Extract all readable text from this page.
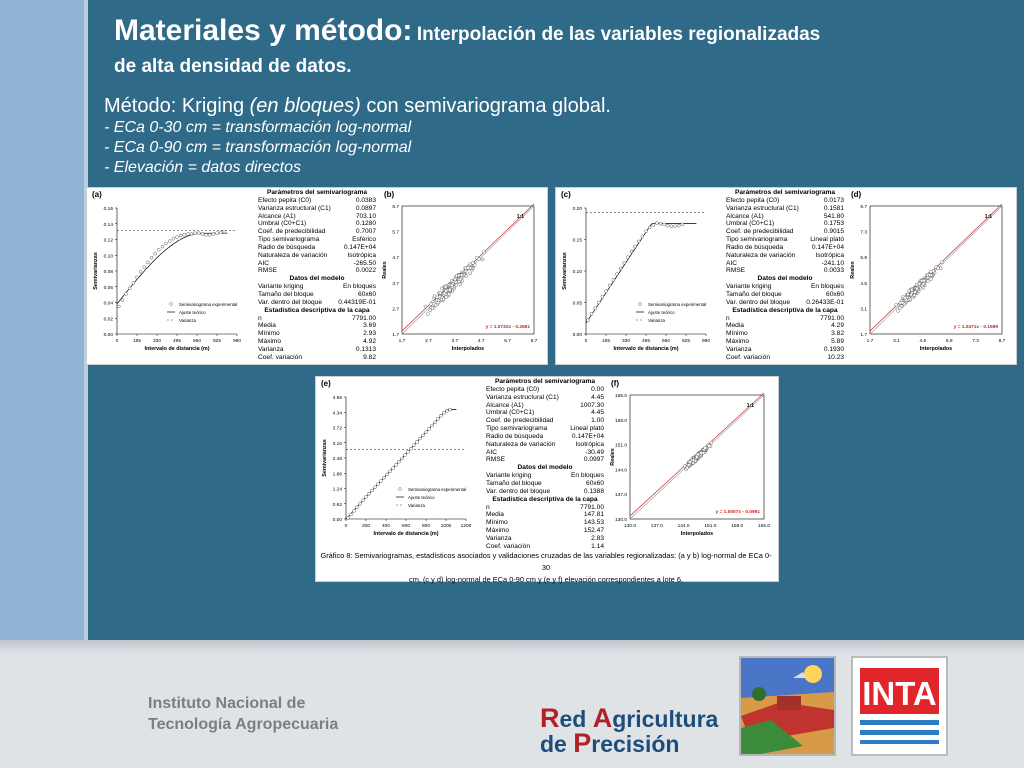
Materiales y método: Interpolación de las variables regionalizadas
de alta densidad de datos.
Método: Kriging (en bloques) con semivariograma global.
- ECa 0-30 cm = transformación log-normal
- ECa 0-90 cm = transformación log-normal
- Elevación = datos directos
0.00
0.02
0.04
0.06
0.08
0.10
0.12
0.14
0.16
0	165 330 495 660 825 990
Intervalo de distancia (m)
Semivarianzas
Semivariograma experimental
Ajuste teórico
Varianza
1.7
1.7
2.7
2.7
3.7
3.7
4.7
4.7
5.7
5.7
6.7
6.7
Interpolados
Reales
1:1
y = 1.0732x - 0.2681
0.00
0.05
0.10
0.15
0.20
0	165 330 495 660 825 990
Intervalo de distancia (m)
Semivarianzas
Semivariograma experimental
Ajuste teórico
Varianza
1.7
1.7
3.1
3.1
4.5
4.5
5.9
5.9
7.3
7.3
8.7
8.7
Interpolados
Reales
1:1
y = 1.0471x - 0.1989
0.00
0.62
1.24
1.86
2.48
3.10
3.72
4.34
4.96
0	200 400 600 800 1000 1200
Intervalo de distancia (m)
Semivarianzas
Semivariograma experimental
Ajuste teórico
Varianza
130.0
130.0
137.0
137.0
144.0
144.0
151.0
151.0
158.0
158.0
165.0
165.0
Interpolados
Reales
1:1
y = 1.0007x - 0.0991
(a)	(b)	(c)	(d)
(e)	(f)
Parámetros del semivariograma
Efecto pepita (C0)	0.0383
Varianza estructural (C1)	0.0897
Alcance (A1)	703.10
Umbral (C0+C1)	0.1280
Coef. de predecibilidad	0.7007
Tipo semivariograma	Esférico
Radio de búsqueda	0.147E+04
Naturaleza de variación	Isotrópica
AIC	-265.50
RMSE	0.0022
Datos del modelo
Variante kriging	En bloques
Tamaño del bloque	60x60
Var. dentro del bloque 0.44319E-01
Estadística descriptiva de la capa
n	7791.00
Media	3.69
Mínimo	2.93
Máximo	4.92
Varianza	0.1313
Coef. variación	9.82
Parámetros del semivariograma
Efecto pepita (C0)	0.0173
Varianza estructural (C1)	0.1581
Alcance (A1)	541.80
Umbral (C0+C1)	0.1753
Coef. de predecibilidad	0.9015
Tipo semivariograma	Lineal plató
Radio de búsqueda	0.147E+04
Naturaleza de variación	Isotrópica
AIC	-241.10
RMSE	0.0033
Datos del modelo
Variante kriging	En bloques
Tamaño del bloque	60x60
Var. dentro del bloque 0.26433E-01
Estadística descriptiva de la capa
n	7791.00
Media	4.29
Mínimo	3.82
Máximo	5.89
Varianza	0.1930
Coef. variación	10.23
Parámetros del semivariograma
Efecto pepita (C0)	0.00
Varianza estructural (C1)	4.45
Alcance (A1)	1007.30
Umbral (C0+C1)	4.45
Coef. de predecibilidad	1.00
Tipo semivariograma	Lineal plató
Radio de búsqueda	0.147E+04
Naturaleza de variación	Isotrópica
AIC	-30.49
RMSE	0.0997
Datos del modelo
Variante kriging	En bloques
Tamaño del bloque	60x60
Var. dentro del bloque	0.1388
Estadística descriptiva de la capa
n	7791.00
Media	147.81
Mínimo	143.53
Máximo	152.47
Varianza	2.83
Coef. variación	1.14
Gráfico 8: Semivariogramas, estadísticos asociados y validaciones cruzadas de las variables regionalizadas: (a y b) log-normal de ECa 0-30
cm, (c y d) log-normal de ECa 0-90 cm y (e y f) elevación correspondientes a lote 6.
Instituto Nacional de
Tecnología Agropecuaria	Red Agricultura
de Precisión
INTA
